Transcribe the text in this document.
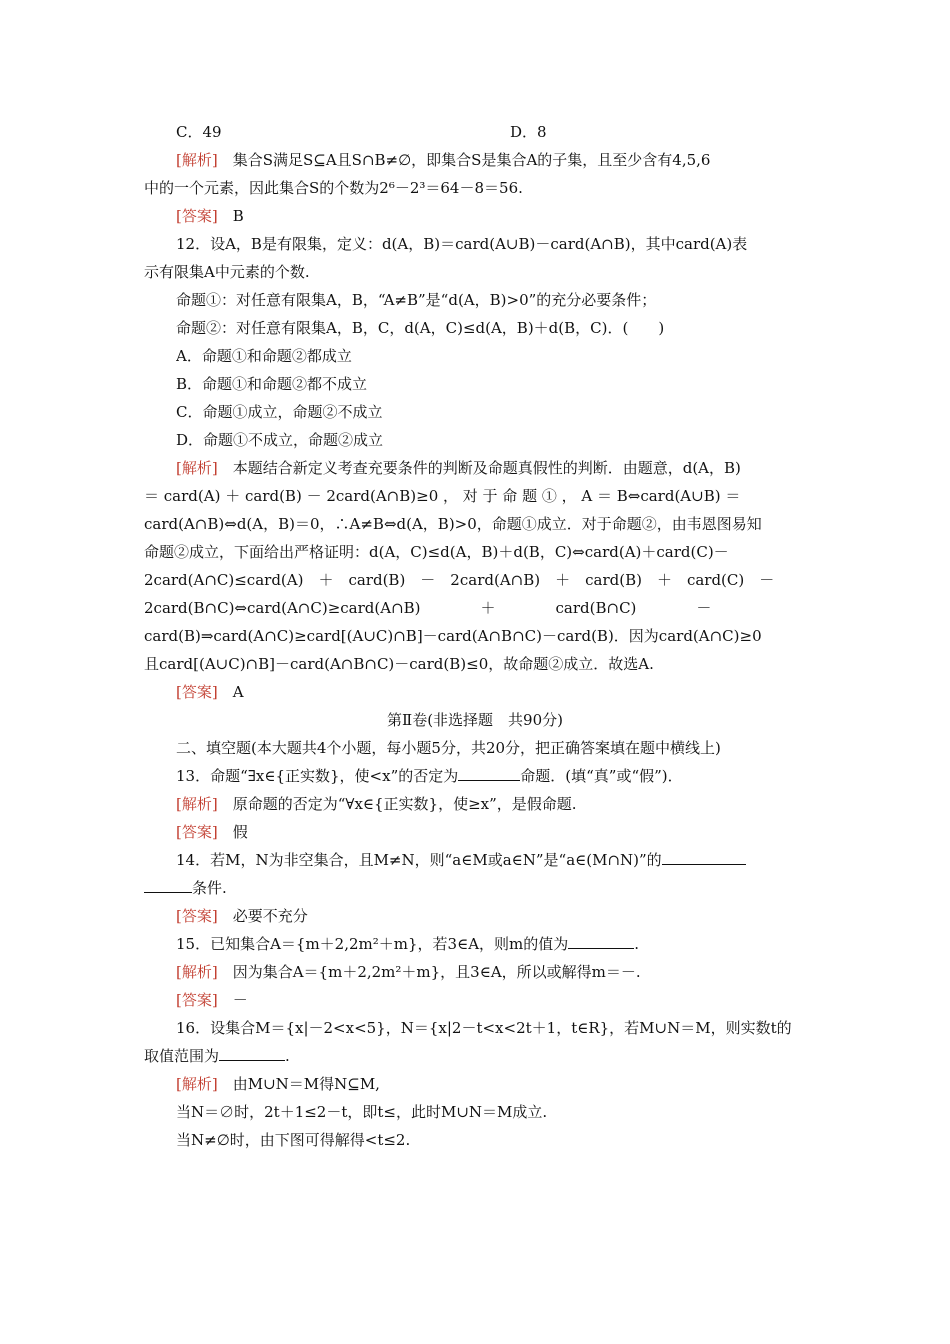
C．49	D．8
[解析]　集合S满足S⊆A且S∩B≠∅，即集合S是集合A的子集，且至少含有4,5,6
中的一个元素，因此集合S的个数为2⁶－2³＝64－8＝56.
[答案]　B
12．设A，B是有限集，定义：d(A，B)＝card(A∪B)－card(A∩B)，其中card(A)表
示有限集A中元素的个数.
命题①：对任意有限集A，B，“A≠B”是“d(A，B)>0”的充分必要条件；
命题②：对任意有限集A，B，C，d(A，C)≤d(A，B)＋d(B，C)．(　　)
A．命题①和命题②都成立
B．命题①和命题②都不成立
C．命题①成立，命题②不成立
D．命题①不成立，命题②成立
[解析]　本题结合新定义考查充要条件的判断及命题真假性的判断．由题意，d(A，B)
＝ card(A) ＋ card(B) － 2card(A∩B)≥0 ， 对 于 命 题 ① ， A ＝ B⇔card(A∪B) ＝
card(A∩B)⇔d(A，B)＝0，∴A≠B⇔d(A，B)>0，命题①成立．对于命题②，由韦恩图易知
命题②成立，下面给出严格证明：d(A，C)≤d(A，B)＋d(B，C)⇔card(A)＋card(C)－
2card(A∩C)≤card(A)　＋　card(B)　－　2card(A∩B)　＋　card(B)　＋　card(C)　－
2card(B∩C)⇔card(A∩C)≥card(A∩B)　　　　＋　　　　card(B∩C)　　　　－
card(B)⇒card(A∩C)≥card[(A∪C)∩B]－card(A∩B∩C)－card(B)．因为card(A∩C)≥0
且card[(A∪C)∩B]－card(A∩B∩C)－card(B)≤0，故命题②成立．故选A.
[答案]　A
第Ⅱ卷(非选择题　共90分)
二、填空题(本大题共4个小题，每小题5分，共20分，把正确答案填在题中横线上)
13．命题“∃x∈{正实数}，使<x”的否定为	命题．(填“真”或“假”)．
[解析]　原命题的否定为“∀x∈{正实数}，使≥x”，是假命题.
[答案]　假
14．若M，N为非空集合，且M≠N，则“a∈M或a∈N”是“a∈(M∩N)”的
条件.
[答案]　必要不充分
15．已知集合A＝{m＋2,2m²＋m}，若3∈A，则m的值为	.
[解析]　因为集合A＝{m＋2,2m²＋m}，且3∈A，所以或解得m＝－.
[答案]　－
16．设集合M＝{x|－2<x<5}，N＝{x|2－t<x<2t＋1，t∈R}，若M∪N＝M，则实数t的
取值范围为	.
[解析]　由M∪N＝M得N⊆M,
当N＝∅时，2t＋1≤2－t，即t≤，此时M∪N＝M成立.
当N≠∅时，由下图可得解得<t≤2.
